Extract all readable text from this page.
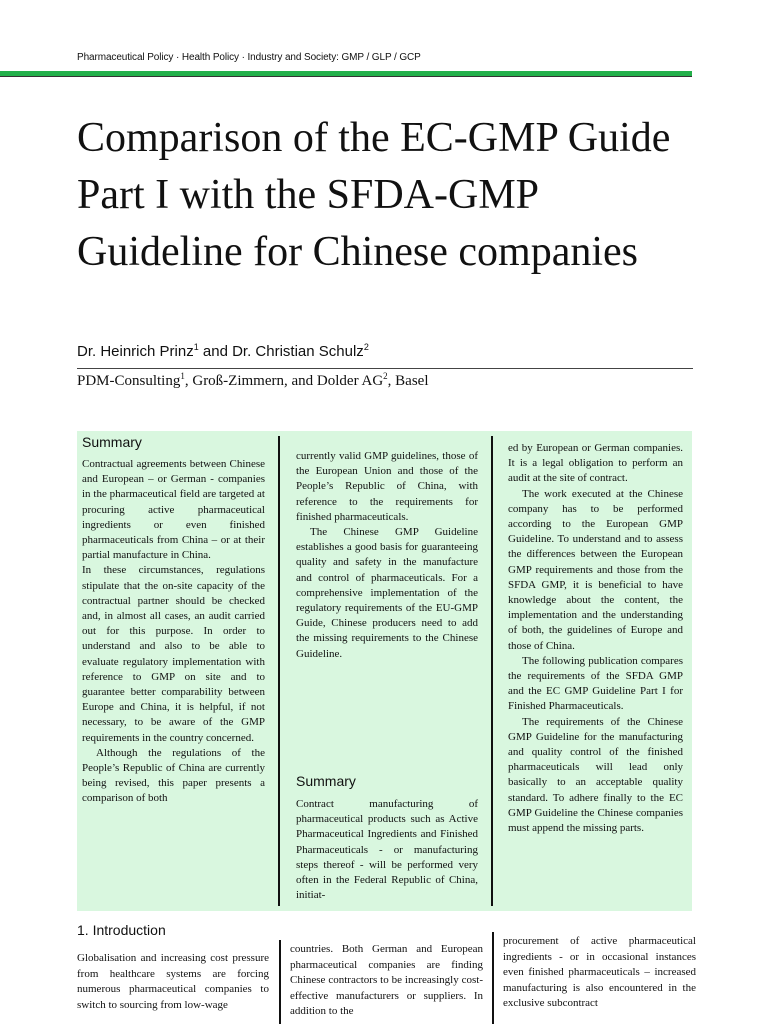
Pharmaceutical Policy · Health Policy · Industry and Society: GMP / GLP / GCP
Comparison of the EC-GMP Guide Part I with the SFDA-GMP Guideline for Chinese companies
Dr. Heinrich Prinz$^1$ and Dr. Christian Schulz$^2$
PDM-Consulting$^1$, Groß-Zimmern, and Dolder $AG^2$, Basel
Summary
Contractual agreements between Chinese and European – or German - companies in the pharmaceutical field are targeted at procuring active pharmaceutical ingredients or even finished pharmaceuticals from China – or at their partial manufacture in China.
In these circumstances, regulations stipulate that the on-site capacity of the contractual partner should be checked and, in almost all cases, an audit carried out for this purpose. In order to understand and also to be able to evaluate regulatory implementation with reference to GMP on site and to guarantee better comparability between Europe and China, it is helpful, if not necessary, to be aware of the GMP requirements in the country concerned.
Although the regulations of the People’s Republic of China are currently being revised, this paper presents a comparison of both
currently valid GMP guidelines, those of the European Union and those of the People’s Republic of China, with reference to the requirements for finished pharmaceuticals.
The Chinese GMP Guideline establishes a good basis for guaranteeing quality and safety in the manufacture and control of pharmaceuticals. For a comprehensive implementation of the regulatory requirements of the EU-GMP Guide, Chinese producers need to add the missing requirements to the Chinese Guideline.
Summary
Contract manufacturing of pharmaceutical products such as Active Pharmaceutical Ingredients and Finished Pharmaceuticals - or manufacturing steps thereof - will be performed very often in the Federal Republic of China, initiat-
ed by European or German companies. It is a legal obligation to perform an audit at the site of contract.
The work executed at the Chinese company has to be performed according to the European GMP Guideline. To understand and to assess the differences between the European GMP requirements and those from the SFDA GMP, it is beneficial to have knowledge about the content, the implementation and the understanding of both, the guidelines of Europe and those of China.
The following publication compares the requirements of the SFDA GMP and the EC GMP Guideline Part I for Finished Pharmaceuticals.
The requirements of the Chinese GMP Guideline for the manufacturing and quality control of the finished pharmaceuticals will lead only basically to an acceptable quality standard. To adhere finally to the EC GMP Guideline the Chinese companies must append the missing parts.
1. Introduction
Globalisation and increasing cost pressure from healthcare systems are forcing numerous pharmaceutical companies to switch to sourcing from low-wage
countries. Both German and European pharmaceutical companies are finding Chinese contractors to be increasingly cost-effective manufacturers or suppliers. In addition to the
procurement of active pharmaceutical ingredients - or in occasional instances even finished pharmaceuticals – increased manufacturing is also encountered in the exclusive subcontract
